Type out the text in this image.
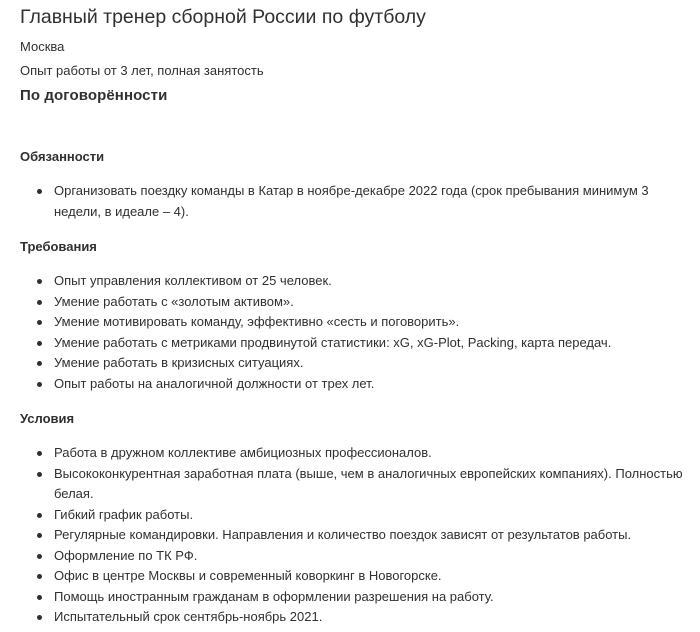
Главный тренер сборной России по футболу
Москва
Опыт работы от 3 лет, полная занятость
По договорённости
Обязанности
Организовать поездку команды в Катар в ноябре-декабре 2022 года (срок пребывания минимум 3 недели, в идеале – 4).
Требования
Опыт управления коллективом от 25 человек.
Умение работать с «золотым активом».
Умение мотивировать команду, эффективно «сесть и поговорить».
Умение работать с метриками продвинутой статистики: xG, xG-Plot, Packing, карта передач.
Умение работать в кризисных ситуациях.
Опыт работы на аналогичной должности от трех лет.
Условия
Работа в дружном коллективе амбициозных профессионалов.
Высококонкурентная заработная плата (выше, чем в аналогичных европейских компаниях). Полностью белая.
Гибкий график работы.
Регулярные командировки. Направления и количество поездок зависят от результатов работы.
Оформление по ТК РФ.
Офис в центре Москвы и современный коворкинг в Новогорске.
Помощь иностранным гражданам в оформлении разрешения на работу.
Испытательный срок сентябрь-ноябрь 2021.
